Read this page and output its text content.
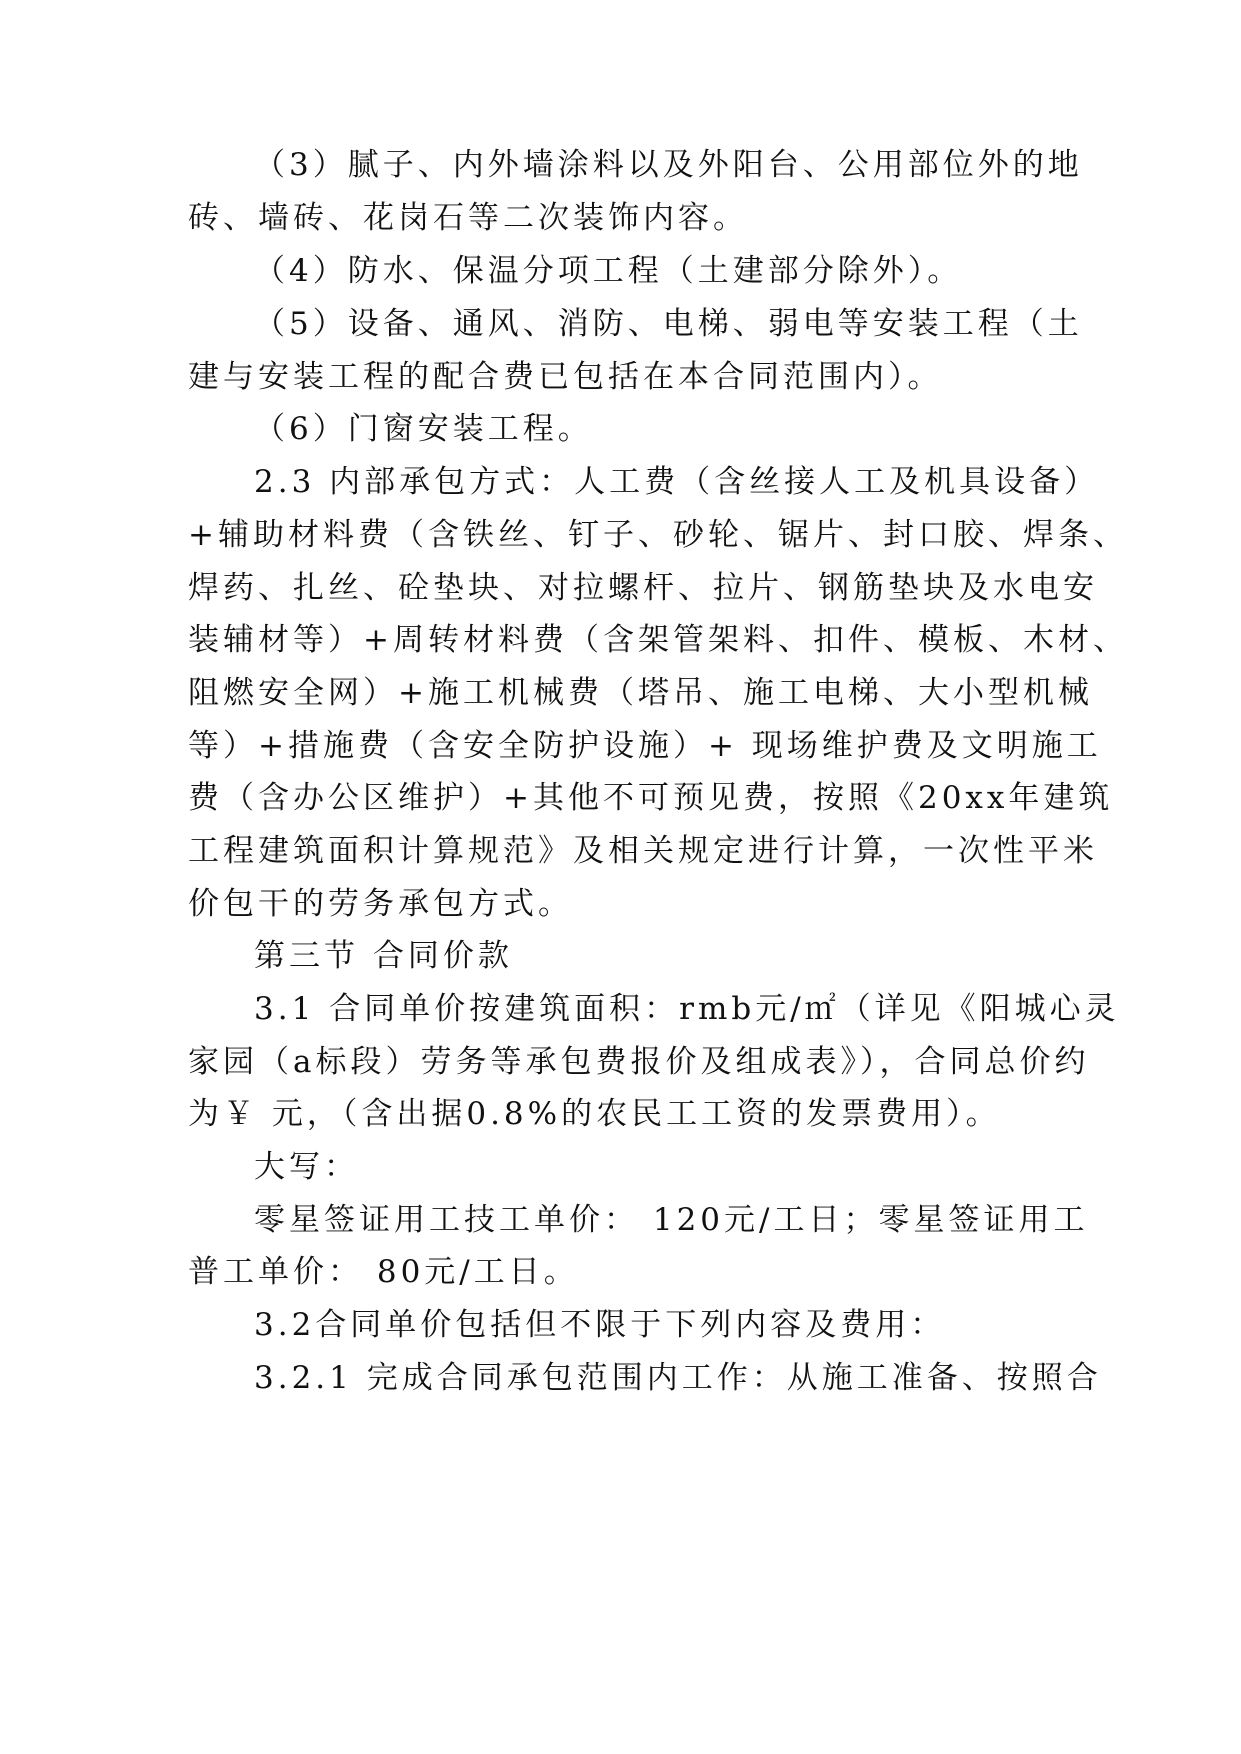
（3）腻子、内外墙涂料以及外阳台、公用部位外的地
砖、墙砖、花岗石等二次装饰内容。
（4）防水、保温分项工程（土建部分除外）。
（5）设备、通风、消防、电梯、弱电等安装工程（土
建与安装工程的配合费已包括在本合同范围内）。
（6）门窗安装工程。
2.3 内部承包方式：人工费（含丝接人工及机具设备）
+辅助材料费（含铁丝、钉子、砂轮、锯片、封口胶、焊条、
焊药、扎丝、砼垫块、对拉螺杆、拉片、钢筋垫块及水电安
装辅材等）+周转材料费（含架管架料、扣件、模板、木材、
阻燃安全网）+施工机械费（塔吊、施工电梯、大小型机械
等）+措施费（含安全防护设施）+ 现场维护费及文明施工
费（含办公区维护）+其他不可预见费，按照《20xx年建筑
工程建筑面积计算规范》及相关规定进行计算，一次性平米
价包干的劳务承包方式。
第三节 合同价款
3.1 合同单价按建筑面积：rmb元/㎡（详见《阳城心灵
家园（a标段）劳务等承包费报价及组成表》），合同总价约
为￥ 元，（含出据0.8%的农民工工资的发票费用）。
大写：
零星签证用工技工单价： 120元/工日；零星签证用工
普工单价： 80元/工日。
3.2合同单价包括但不限于下列内容及费用：
3.2.1 完成合同承包范围内工作：从施工准备、按照合
